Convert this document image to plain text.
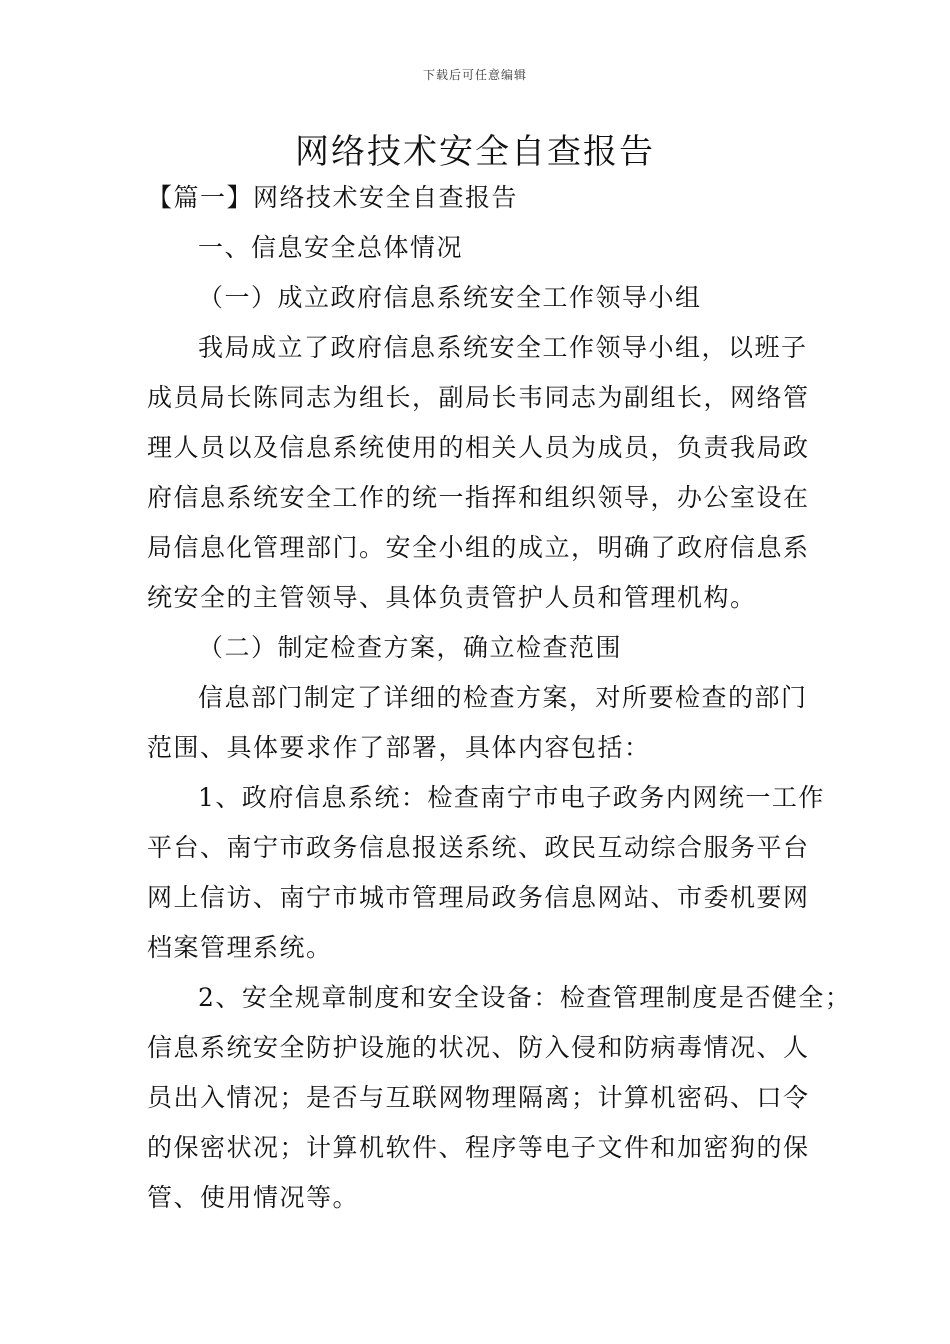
下载后可任意编辑
网络技术安全自查报告
【篇一】网络技术安全自查报告
一、信息安全总体情况
（一）成立政府信息系统安全工作领导小组
我局成立了政府信息系统安全工作领导小组，以班子
成员局长陈同志为组长，副局长韦同志为副组长，网络管
理人员以及信息系统使用的相关人员为成员，负责我局政
府信息系统安全工作的统一指挥和组织领导，办公室设在
局信息化管理部门。安全小组的成立，明确了政府信息系
统安全的主管领导、具体负责管护人员和管理机构。
（二）制定检查方案，确立检查范围
信息部门制定了详细的检查方案，对所要检查的部门
范围、具体要求作了部署，具体内容包括：
1、政府信息系统：检查南宁市电子政务内网统一工作
平台、南宁市政务信息报送系统、政民互动综合服务平台
网上信访、南宁市城市管理局政务信息网站、市委机要网
档案管理系统。
2、安全规章制度和安全设备：检查管理制度是否健全；
信息系统安全防护设施的状况、防入侵和防病毒情况、人
员出入情况；是否与互联网物理隔离；计算机密码、口令
的保密状况；计算机软件、程序等电子文件和加密狗的保
管、使用情况等。
